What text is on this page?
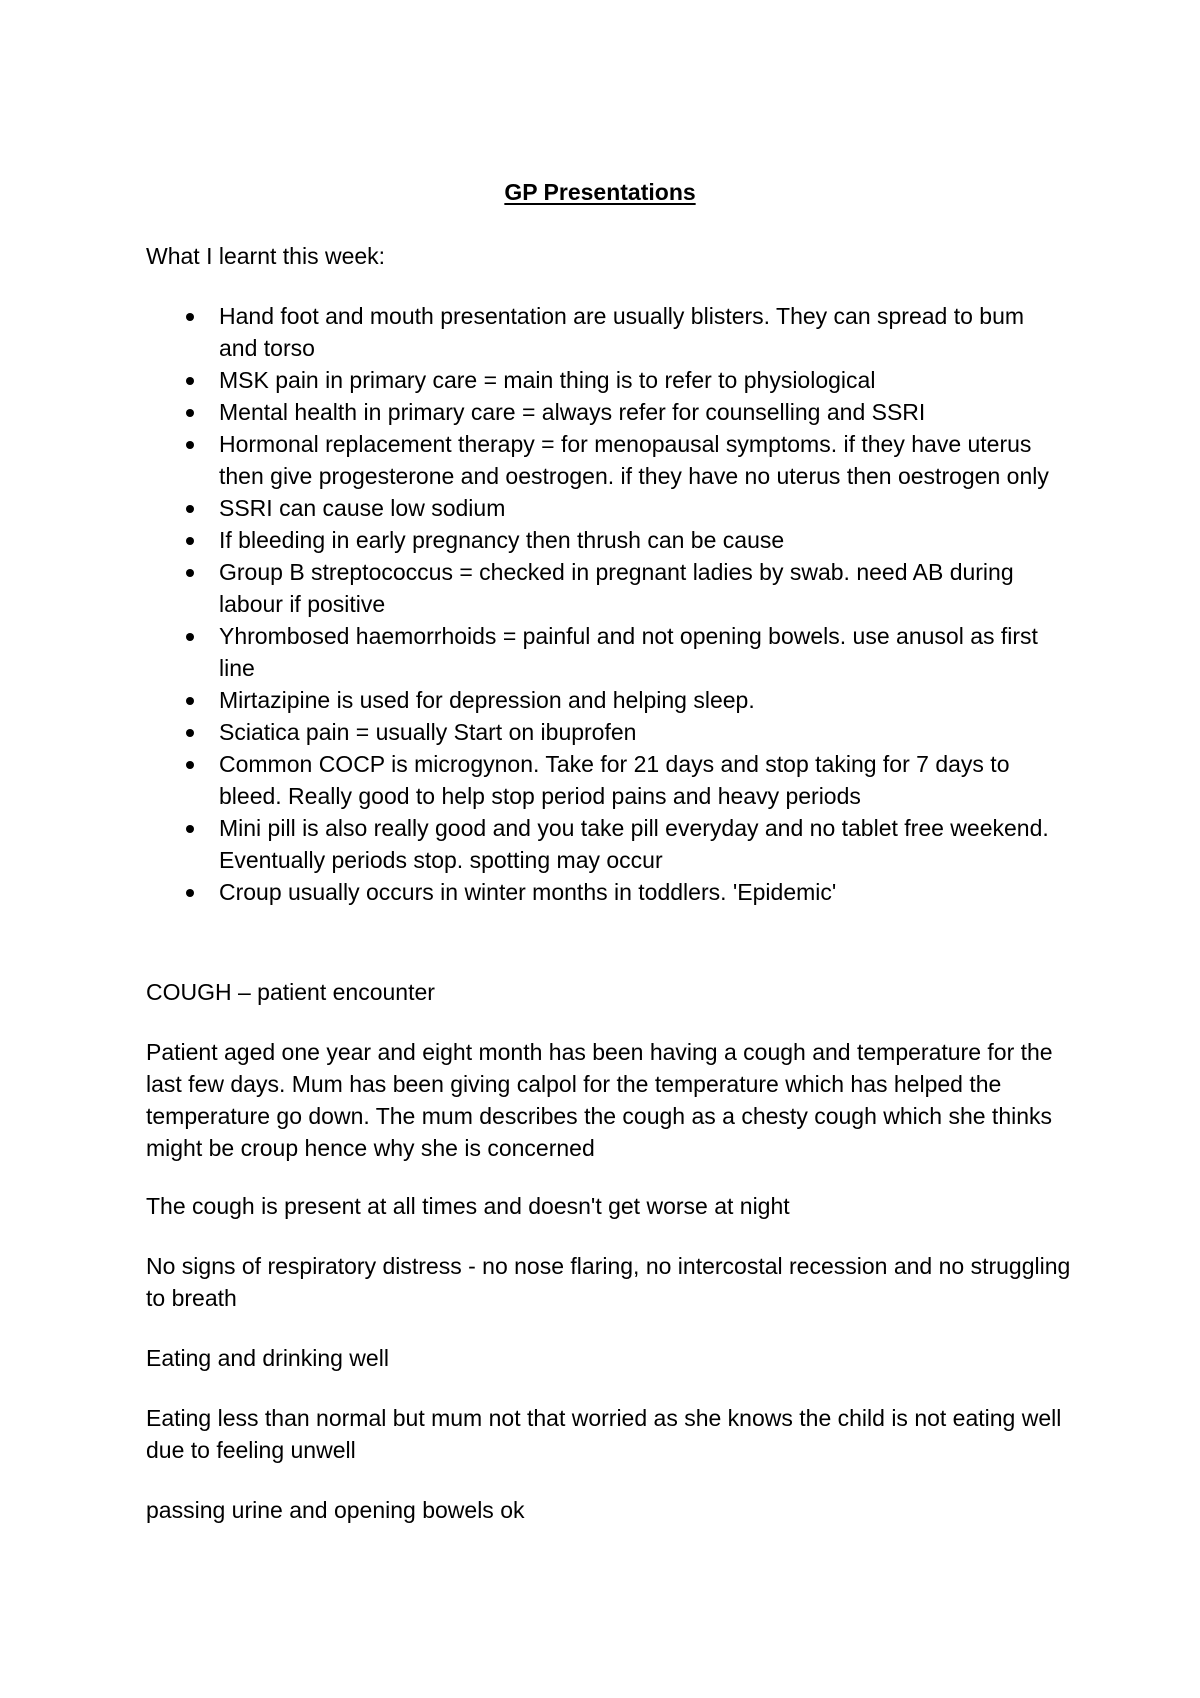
GP Presentations

What I learnt this week:

Hand foot and mouth presentation are usually blisters. They can spread to bum and torso
MSK pain in primary care = main thing is to refer to physiological
Mental health in primary care = always refer for counselling and SSRI
Hormonal replacement therapy = for menopausal symptoms. if they have uterus then give progesterone and oestrogen. if they have no uterus then oestrogen only
SSRI can cause low sodium
If bleeding in early pregnancy then thrush can be cause
Group B streptococcus = checked in pregnant ladies by swab. need AB during labour if positive
Yhrombosed haemorrhoids = painful and not opening bowels. use anusol as first line
Mirtazipine is used for depression and helping sleep.
Sciatica pain = usually Start on ibuprofen
Common COCP is microgynon. Take for 21 days and stop taking for 7 days to bleed. Really good to help stop period pains and heavy periods
Mini pill is also really good and you take pill everyday and no tablet free weekend. Eventually periods stop. spotting may occur
Croup usually occurs in winter months in toddlers. 'Epidemic'

COUGH – patient encounter

Patient aged one year and eight month has been having a cough and temperature for the last few days. Mum has been giving calpol for the temperature which has helped the temperature go down. The mum describes the cough as a chesty cough which she thinks might be croup hence why she is concerned

The cough is present at all times and doesn't get worse at night

No signs of respiratory distress - no nose flaring, no intercostal recession and no struggling to breath

Eating and drinking well

Eating less than normal but mum not that worried as she knows the child is not eating well due to feeling unwell

passing urine and opening bowels ok
